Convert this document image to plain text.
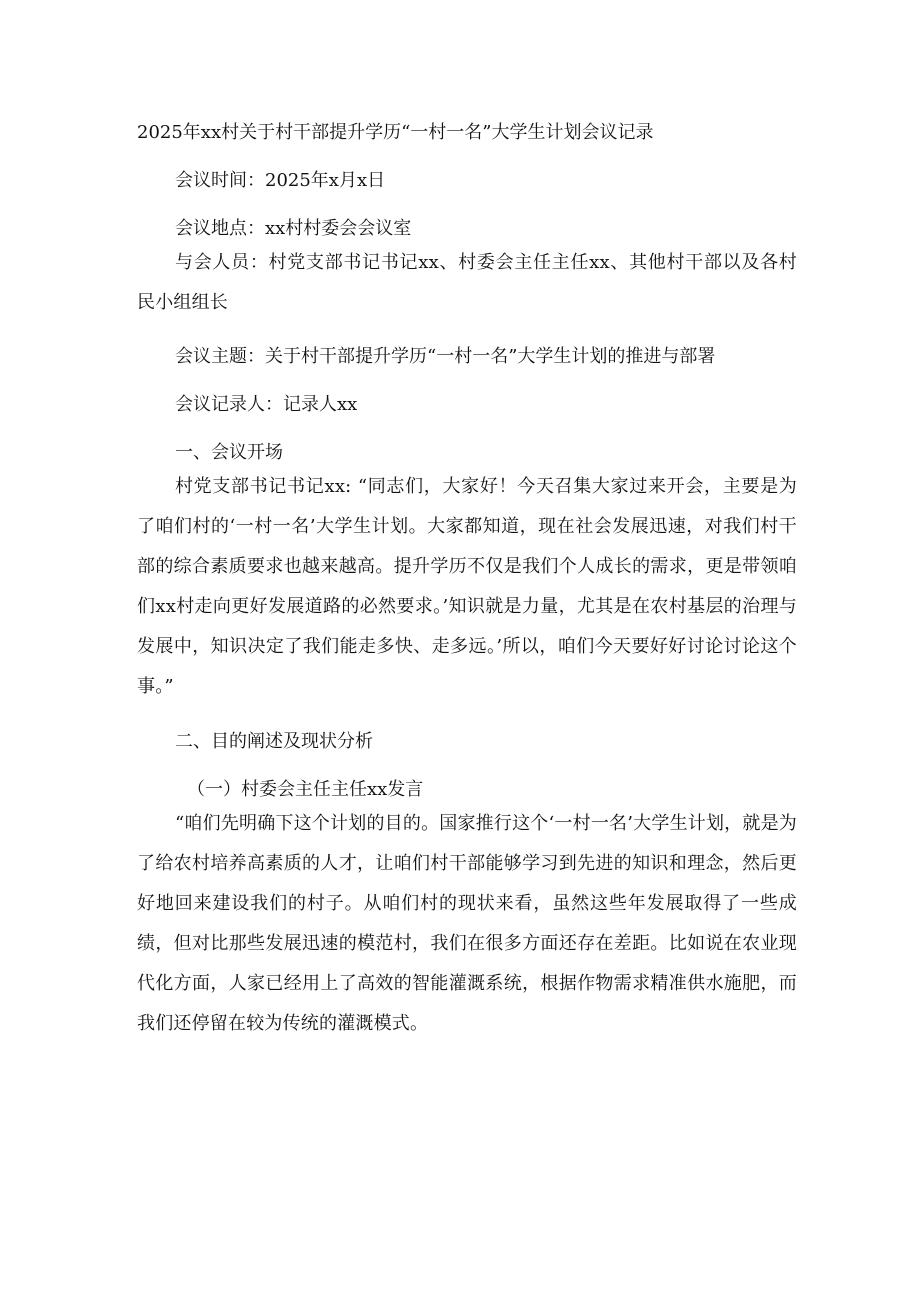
2025年xx村关于村干部提升学历“一村一名”大学生计划会议记录

会议时间：2025年x月x日

会议地点：xx村村委会会议室

与会人员：村党支部书记书记xx、村委会主任主任xx、其他村干部以及各村民小组组长

会议主题：关于村干部提升学历“一村一名”大学生计划的推进与部署

会议记录人：记录人xx

一、会议开场

村党支部书记书记xx: “同志们，大家好！今天召集大家过来开会，主要是为了咱们村的‘一村一名’大学生计划。大家都知道，现在社会发展迅速，对我们村干部的综合素质要求也越来越高。提升学历不仅是我们个人成长的需求，更是带领咱们xx村走向更好发展道路的必然要求。’知识就是力量，尤其是在农村基层的治理与发展中，知识决定了我们能走多快、走多远。’所以，咱们今天要好好讨论讨论这个事。”

二、目的阐述及现状分析

（一）村委会主任主任xx发言

“咱们先明确下这个计划的目的。国家推行这个‘一村一名’大学生计划，就是为了给农村培养高素质的人才，让咱们村干部能够学习到先进的知识和理念，然后更好地回来建设我们的村子。从咱们村的现状来看，虽然这些年发展取得了一些成绩，但对比那些发展迅速的模范村，我们在很多方面还存在差距。比如说在农业现代化方面，人家已经用上了高效的智能灌溉系统，根据作物需求精准供水施肥，而我们还停留在较为传统的灌溉模式。
